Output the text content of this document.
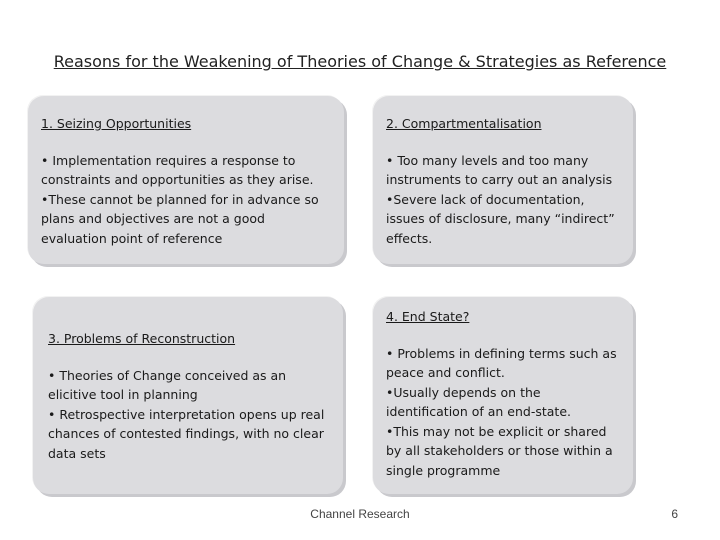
Reasons for the Weakening of Theories of Change & Strategies as Reference
1. Seizing Opportunities
• Implementation requires a response to constraints and opportunities as they arise.
•These cannot be planned for in advance so plans and objectives are not a good evaluation point of reference
2. Compartmentalisation
• Too many levels and too many instruments to carry out an analysis
•Severe lack of documentation, issues of disclosure, many “indirect” effects.
3. Problems of Reconstruction
• Theories of Change conceived as an elicitive tool in planning
• Retrospective interpretation opens up real chances of contested findings, with no clear data sets
4. End State?
• Problems in defining terms such as peace and conflict.
•Usually depends on the identification of an end-state.
•This may not be explicit or shared by all stakeholders or those within a single programme
Channel Research	6
